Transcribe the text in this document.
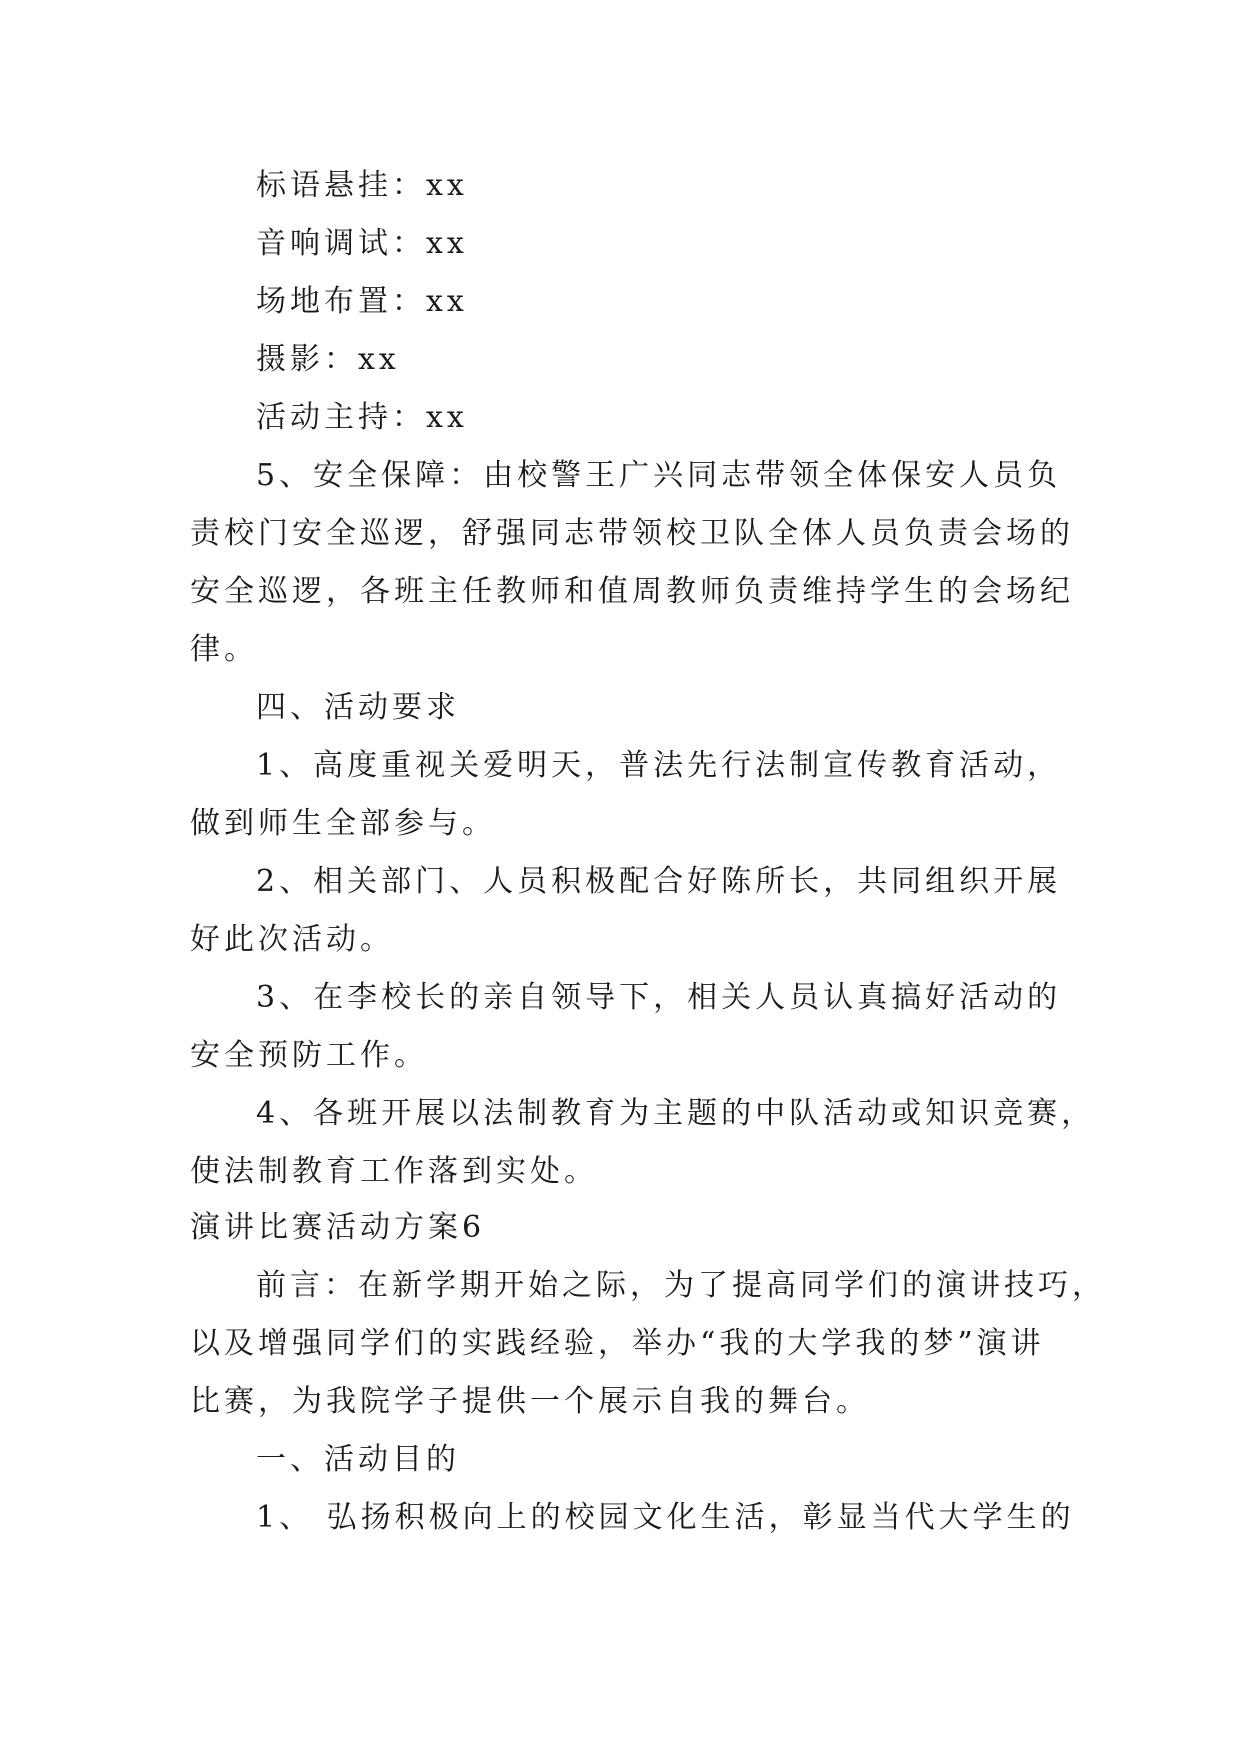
标语悬挂：xx
音响调试：xx
场地布置：xx
摄影：xx
活动主持：xx
5、安全保障：由校警王广兴同志带领全体保安人员负
责校门安全巡逻，舒强同志带领校卫队全体人员负责会场的
安全巡逻，各班主任教师和值周教师负责维持学生的会场纪
律。
四、活动要求
1、高度重视关爱明天，普法先行法制宣传教育活动，
做到师生全部参与。
2、相关部门、人员积极配合好陈所长，共同组织开展
好此次活动。
3、在李校长的亲自领导下，相关人员认真搞好活动的
安全预防工作。
4、各班开展以法制教育为主题的中队活动或知识竞赛，
使法制教育工作落到实处。
演讲比赛活动方案6
前言：在新学期开始之际，为了提高同学们的演讲技巧，
以及增强同学们的实践经验，举办“我的大学我的梦”演讲
比赛，为我院学子提供一个展示自我的舞台。
一、活动目的
1、 弘扬积极向上的校园文化生活，彰显当代大学生的
